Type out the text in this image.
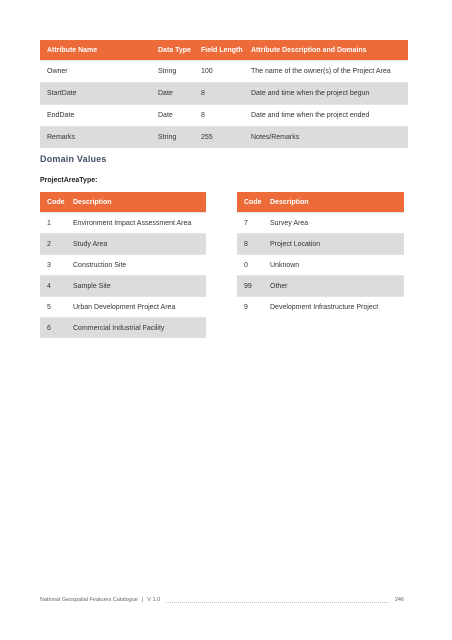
Attribute Name	Data Type	Field Length	Attribute Description and Domains
Owner	String	100	The name of the owner(s) of the Project Area
StartDate	Date	8	Date and time when the project begun
EndDate	Date	8	Date and time when the project ended
Remarks	String	255	Notes/Remarks
Domain Values
ProjectAreaType:
Code	Description
1	Environment Impact Assessment Area
2	Study Area
3	Construction Site
4	Sample Site
5	Urban Development Project Area
6	Commercial Industrial Facility
Code	Description
7	Survey Area
8	Project Location
0	Unknown
99	Other
9	Development Infrastructure Project
National Geospatial Features Catalogue | V 1.0	246
